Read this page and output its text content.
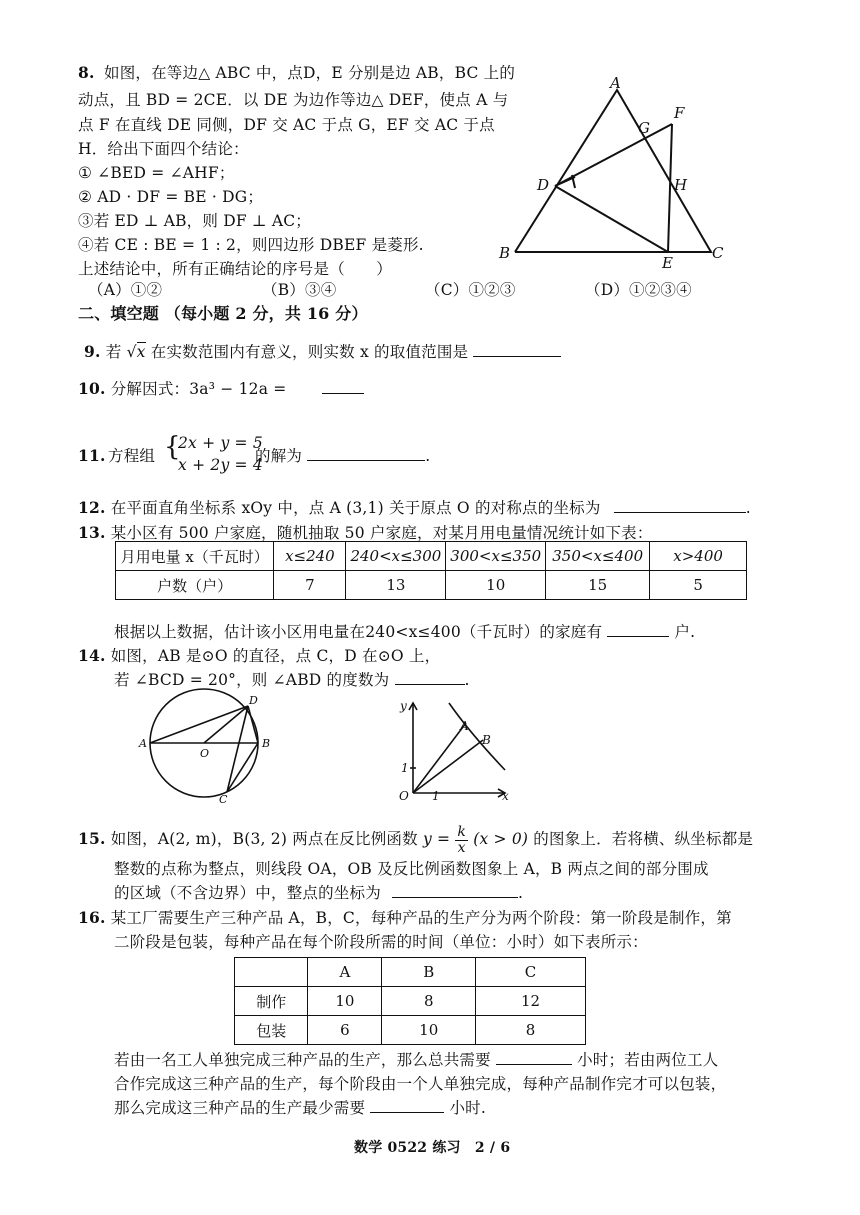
8. 如图，在等边△ ABC 中，点D，E 分别是边 AB，BC 上的
动点，且 BD = 2CE．以 DE 为边作等边△ DEF，使点 A 与
点 F 在直线 DE 同侧，DF 交 AC 于点 G，EF 交 AC 于点
H．给出下面四个结论：
① ∠BED = ∠AHF；
② AD · DF = BE · DG；
③若 ED ⊥ AB，则 DF ⊥ AC；
④若 CE : BE = 1 : 2，则四边形 DBEF 是菱形.
上述结论中，所有正确结论的序号是（　　）
（A）①②	（B）③④	（C）①②③	（D）①②③④
A
F
G
D	H
B
E
C
二、填空题 （每小题 2 分，共 16 分）
9. 若 √x 在实数范围内有意义，则实数 x 的取值范围是
10. 分解因式：3a³ − 12a =
11. 方程组 {
2x + y = 5
x + 2y = 4
的解为	.
12. 在平面直角坐标系 xOy 中，点 A (3,1) 关于原点 O 的对称点的坐标为	.
13. 某小区有 500 户家庭，随机抽取 50 户家庭，对某月用电量情况统计如下表：
月用电量 x（千瓦时）	x≤240	240<x≤300	300<x≤350	350<x≤400	x>400
户数（户）	7	13	10	15	5
根据以上数据，估计该小区用电量在240<x≤400（千瓦时）的家庭有	户.
14. 如图，AB 是⊙O 的直径，点 C，D 在⊙O 上，
若 ∠BCD = 20°，则 ∠ABD 的度数为	.
D
A
O
B
C
y
A
B
1
O 1	x
15. 如图，A(2, m)，B(3, 2) 两点在反比例函数 $y = \frac{k}{x} (x > 0)$ 的图象上．若将横、纵坐标都是
整数的点称为整点，则线段 OA，OB 及反比例函数图象上 A，B 两点之间的部分围成
的区域（不含边界）中，整点的坐标为	.
16. 某工厂需要生产三种产品 A，B，C，每种产品的生产分为两个阶段：第一阶段是制作，第
二阶段是包装，每种产品在每个阶段所需的时间（单位：小时）如下表所示：
	A	B	C
制作	10	8	12
包装	6	10	8
若由一名工人单独完成三种产品的生产，那么总共需要	小时；若由两位工人
合作完成这三种产品的生产，每个阶段由一个人单独完成，每种产品制作完才可以包装，
那么完成这三种产品的生产最少需要	小时.
数学 0522 练习　2 / 6
